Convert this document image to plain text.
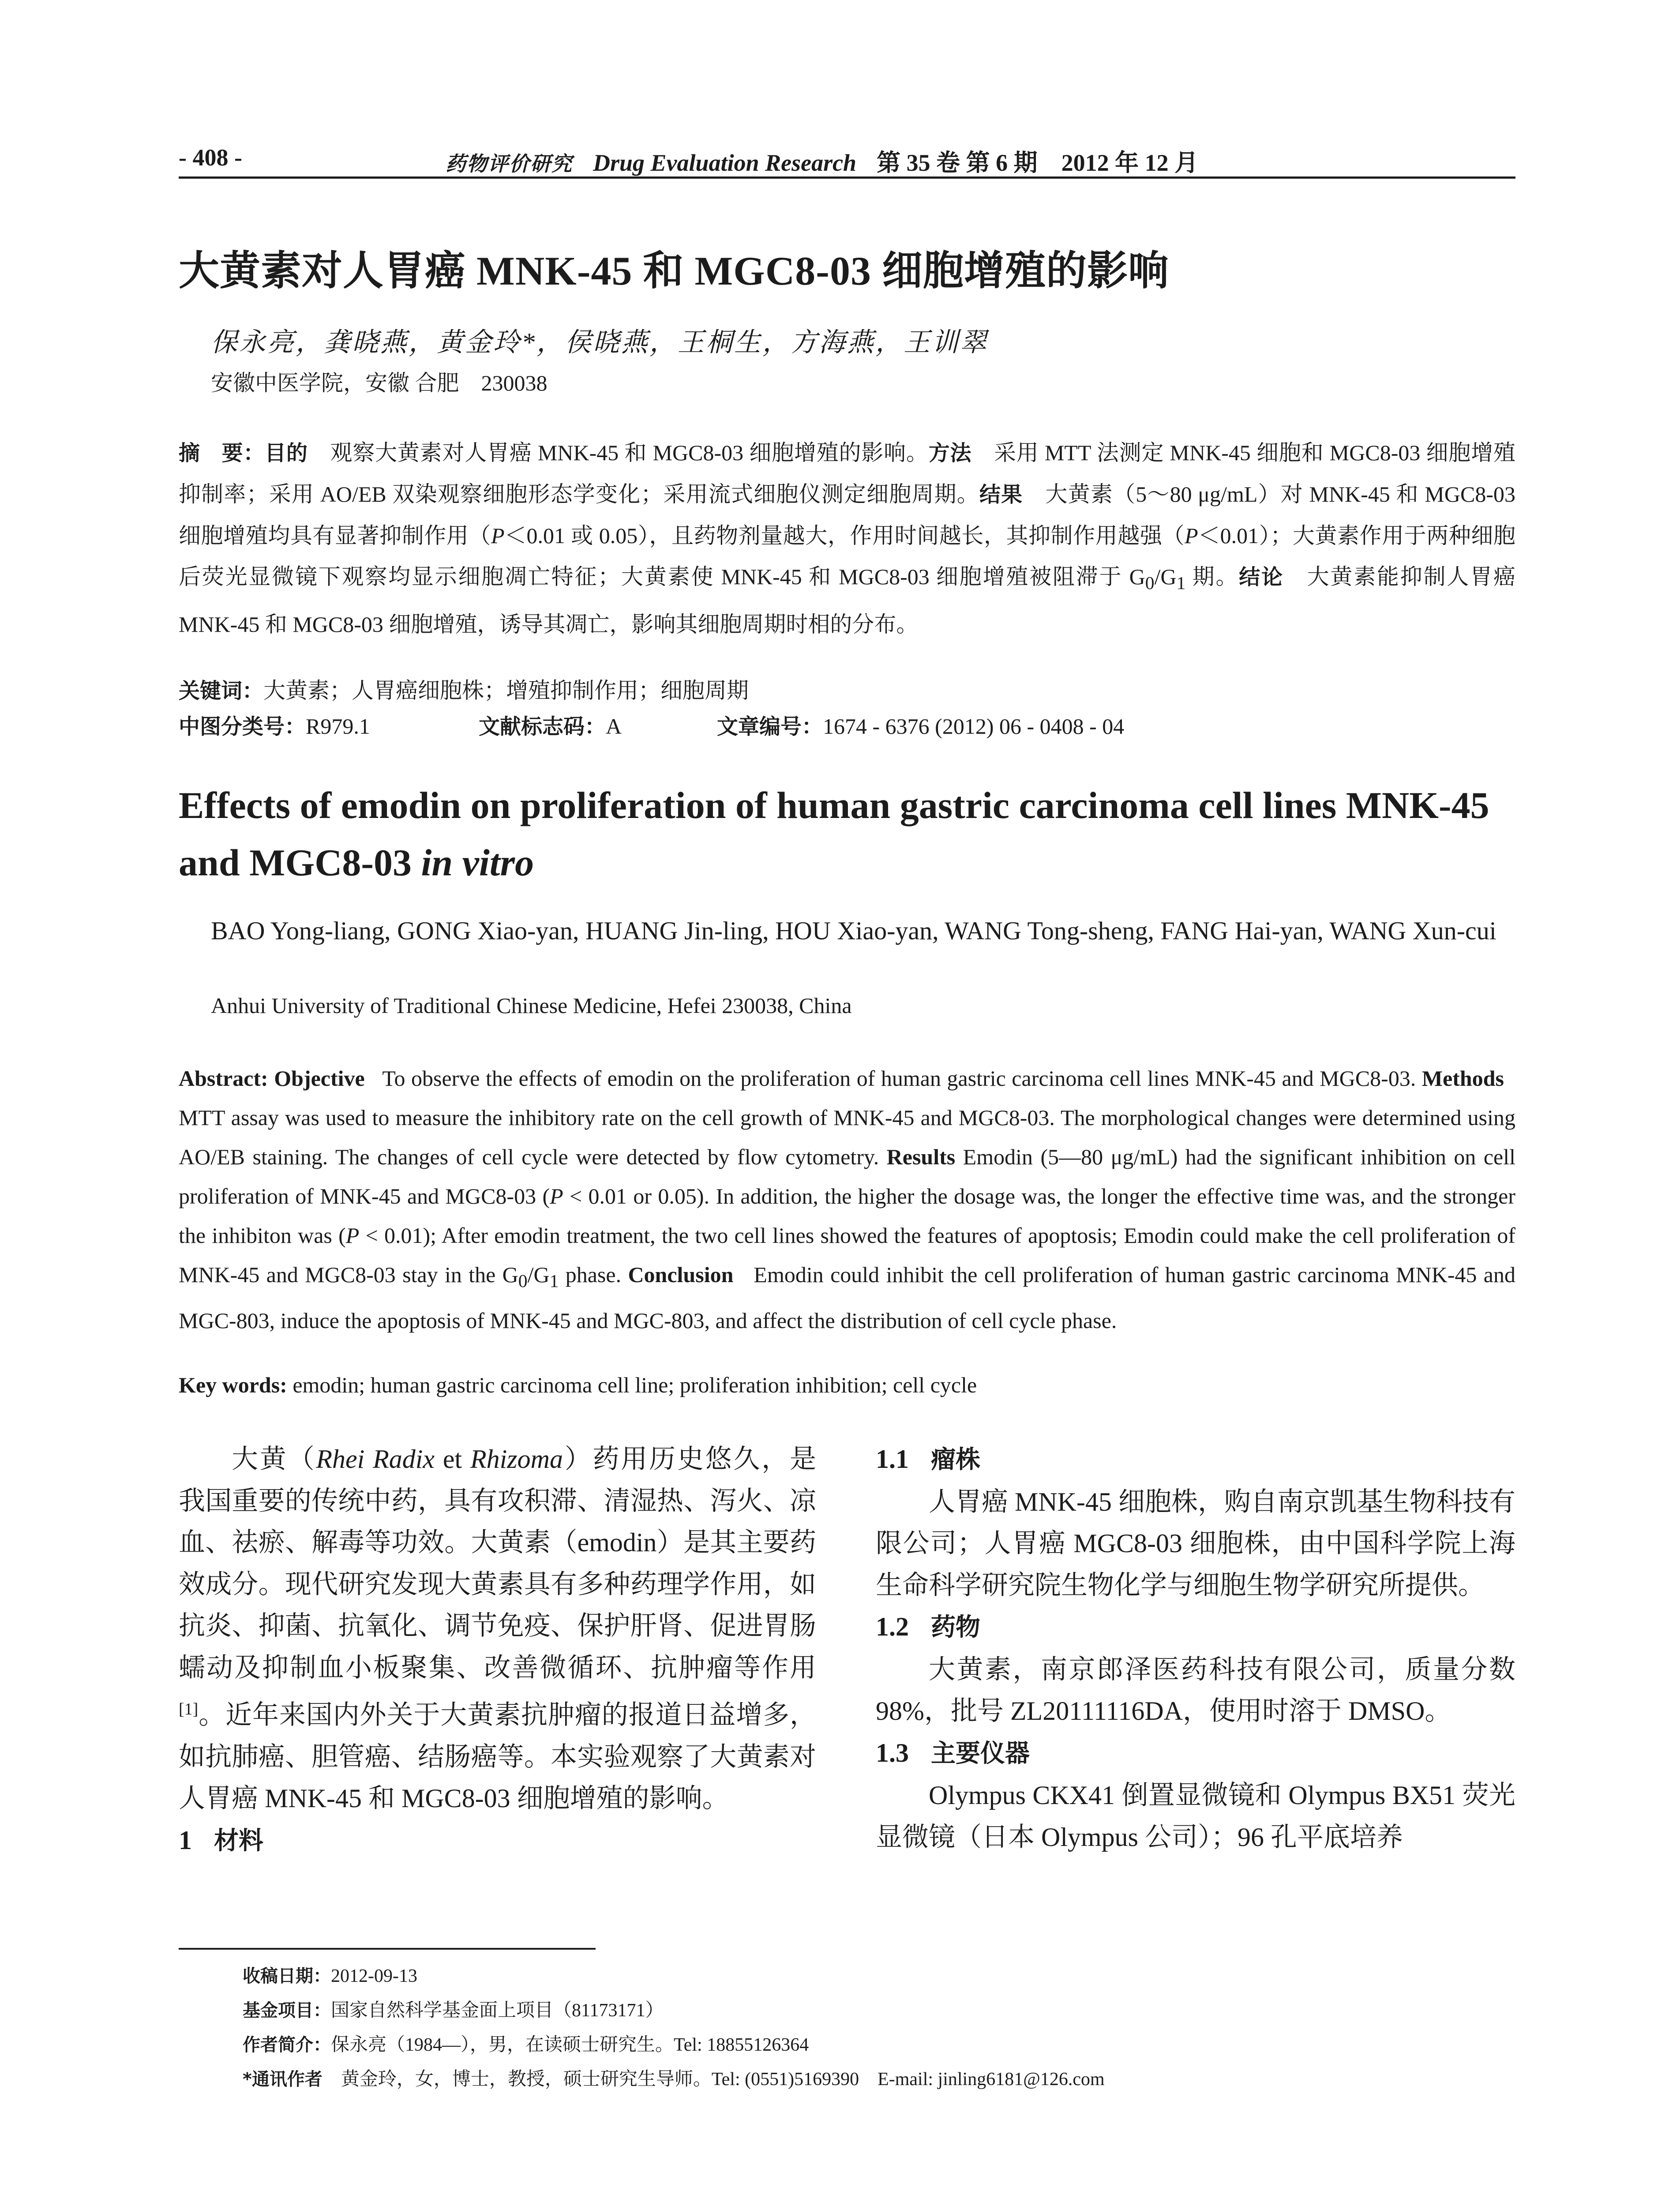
- 408 -	药物评价研究 Drug Evaluation Research 第 35 卷 第 6 期　2012 年 12 月
大黄素对人胃癌 MNK-45 和 MGC8-03 细胞增殖的影响
保永亮，龚晓燕，黄金玲*，侯晓燕，王桐生，方海燕，王训翠
安徽中医学院，安徽 合肥　230038
摘　要：目的　 观察大黄素对人胃癌 MNK-45 和 MGC8-03 细胞增殖的影响。方法　 采用 MTT 法测定 MNK-45 细胞和 MGC8-03 细胞增殖抑制率；采用 AO/EB 双染观察细胞形态学变化；采用流式细胞仪测定细胞周期。结果　 大黄素（5～80 μg/mL）对 MNK-45 和 MGC8-03 细胞增殖均具有显著抑制作用（P＜0.01 或 0.05），且药物剂量越大，作用时间越长，其抑制作用越强（P＜0.01）；大黄素作用于两种细胞后荧光显微镜下观察均显示细胞凋亡特征；大黄素使 MNK-45 和 MGC8-03 细胞增殖被阻滞于 $G_0/G_1$ 期。结论　 大黄素能抑制人胃癌 MNK-45 和 MGC8-03 细胞增殖，诱导其凋亡，影响其细胞周期时相的分布。
关键词：大黄素；人胃癌细胞株；增殖抑制作用；细胞周期
中图分类号：R979.1	文献标志码：A	文章编号：1674 - 6376 (2012) 06 - 0408 - 04
Effects of emodin on proliferation of human gastric carcinoma cell lines MNK-45 and MGC8-03 in vitro
BAO Yong-liang, GONG Xiao-yan, HUANG Jin-ling, HOU Xiao-yan, WANG Tong-sheng, FANG Hai-yan, WANG Xun-cui
Anhui University of Traditional Chinese Medicine, Hefei 230038, China
Abstract: Objective To observe the effects of emodin on the proliferation of human gastric carcinoma cell lines MNK-45 and MGC8-03. Methods   MTT assay was used to measure the inhibitory rate on the cell growth of MNK-45 and MGC8-03. The morphological changes were determined using AO/EB staining. The changes of cell cycle were detected by flow cytometry. Results Emodin (5―80 μg/mL) had the significant inhibition on cell proliferation of MNK-45 and MGC8-03 (P < 0.01 or 0.05). In addition, the higher the dosage was, the longer the effective time was, and the stronger the inhibiton was (P < 0.01); After emodin treatment, the two cell lines showed the features of apoptosis; Emodin could make the cell proliferation of MNK-45 and MGC8-03 stay in the $G_0/G_1$ phase. Conclusion Emodin could inhibit the cell proliferation of human gastric carcinoma MNK-45 and MGC-803, induce the apoptosis of MNK-45 and MGC-803, and affect the distribution of cell cycle phase.
Key words: emodin; human gastric carcinoma cell line; proliferation inhibition; cell cycle

大黄（Rhei Radix et Rhizoma）药用历史悠久，是我国重要的传统中药，具有攻积滞、清湿热、泻火、凉血、祛瘀、解毒等功效。大黄素（emodin）是其主要药效成分。现代研究发现大黄素具有多种药理学作用，如抗炎、抑菌、抗氧化、调节免疫、保护肝肾、促进胃肠蠕动及抑制血小板聚集、改善微循环、抗肿瘤等作用[1]。近年来国内外关于大黄素抗肿瘤的报道日益增多，如抗肺癌、胆管癌、结肠癌等。本实验观察了大黄素对人胃癌 MNK-45 和 MGC8-03 细胞增殖的影响。

1 材料
1.1 瘤株

人胃癌 MNK-45 细胞株，购自南京凯基生物科技有限公司；人胃癌 MGC8-03 细胞株，由中国科学院上海生命科学研究院生物化学与细胞生物学研究所提供。

1.2 药物

大黄素，南京郎泽医药科技有限公司，质量分数 98%，批号 ZL20111116DA，使用时溶于 DMSO。

1.3 主要仪器

Olympus CKX41 倒置显微镜和 Olympus BX51 荧光显微镜（日本 Olympus 公司）；96 孔平底培养

收稿日期：2012-09-13
基金项目：国家自然科学基金面上项目（81173171）
作者简介：保永亮（1984—），男，在读硕士研究生。Tel: 18855126364
*通讯作者　黄金玲，女，博士，教授，硕士研究生导师。Tel: (0551)5169390　E-mail: jinling6181@126.com
